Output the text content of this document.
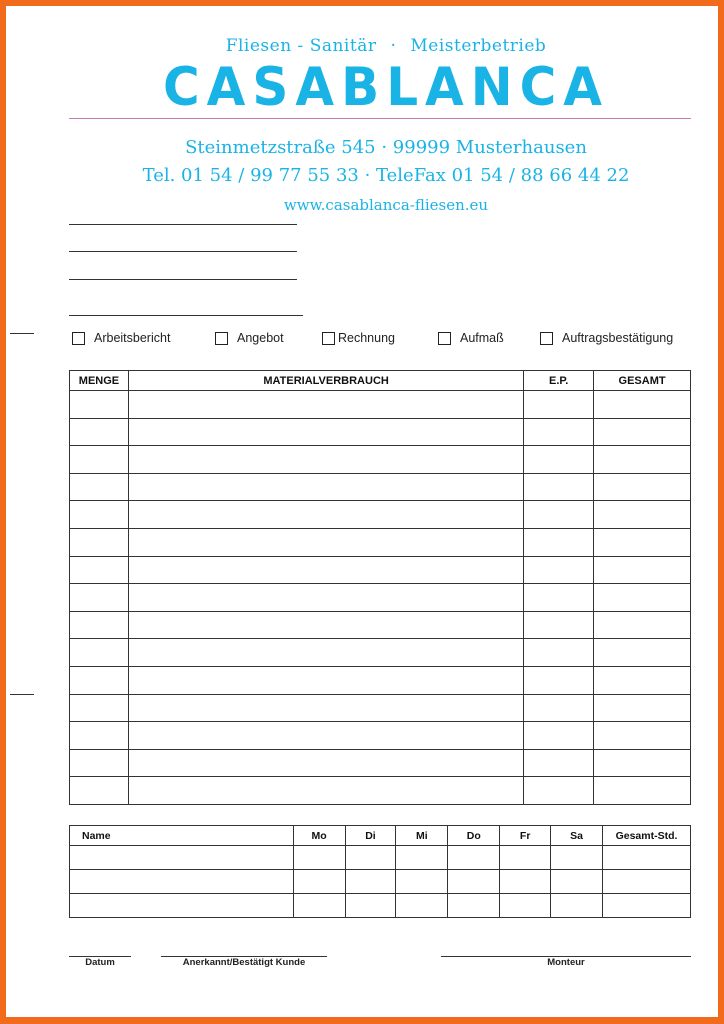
Fliesen - Sanitär · Meisterbetrieb
CASABLANCA
Steinmetzstraße 545 · 99999 Musterhausen
Tel. 01 54 / 99 77 55 33 · TeleFax 01 54 / 88 66 44 22
www.casablanca-fliesen.eu
Arbeitsbericht	Angebot	Rechnung	Aufmaß	Auftragsbestätigung
MENGE	MATERIALVERBRAUCH	E.P.	GESAMT

Name	Mo	Di	Mi	Do	Fr	Sa	Gesamt-Std.

Datum	Anerkannt/Bestätigt Kunde	Monteur
